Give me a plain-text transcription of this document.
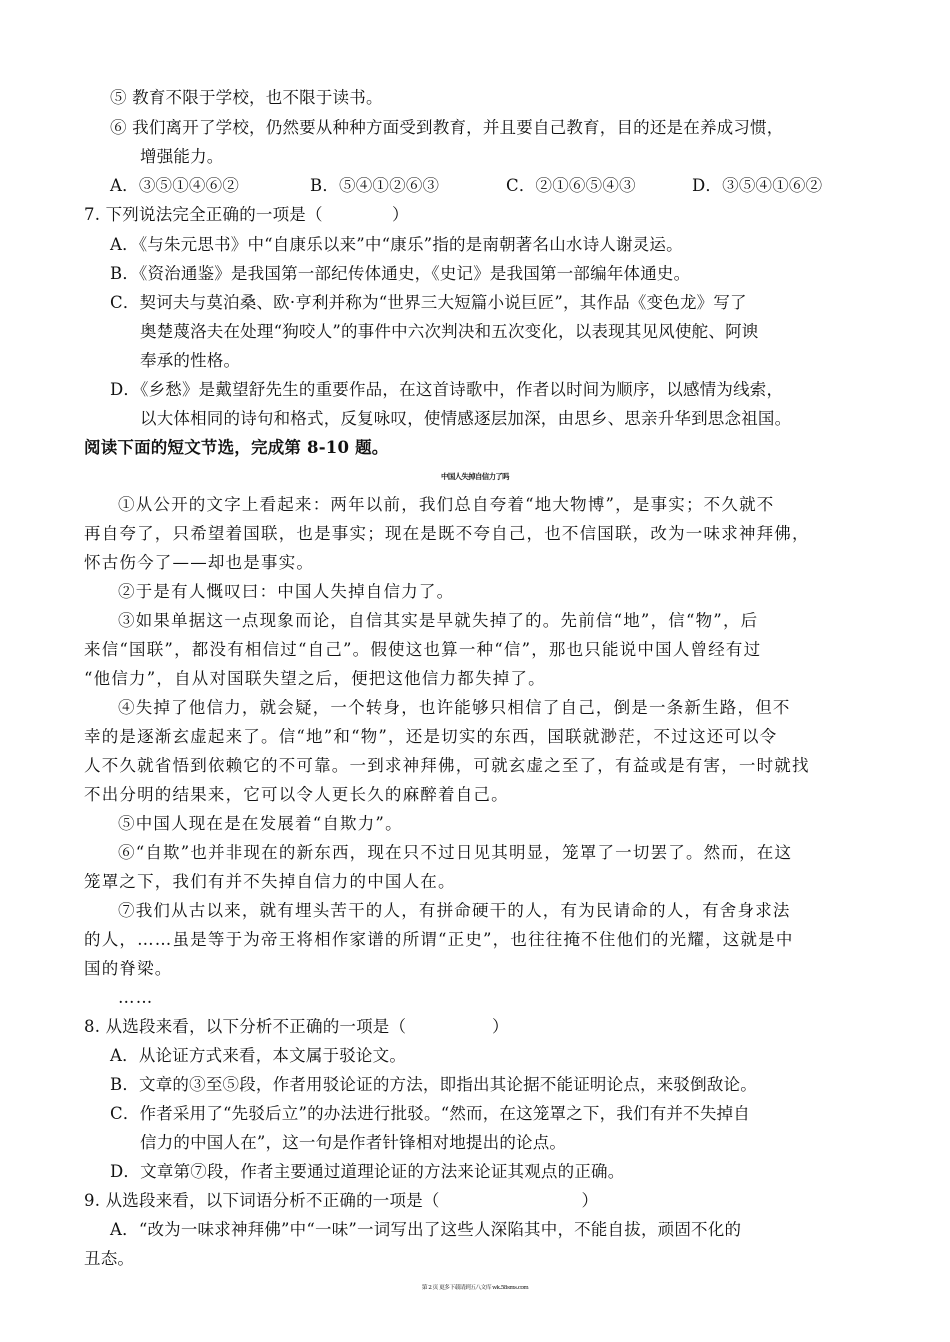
⑤ 教育不限于学校，也不限于读书。
⑥ 我们离开了学校，仍然要从种种方面受到教育，并且要自己教育，目的还是在养成习惯，
增强能力。
A．③⑤①④⑥②	B．⑤④①②⑥③	C．②①⑥⑤④③	D．③⑤④①⑥②
7. 下列说法完全正确的一项是（	）
A．《与朱元思书》中“自康乐以来”中“康乐”指的是南朝著名山水诗人谢灵运。
B．《资治通鉴》是我国第一部纪传体通史，《史记》是我国第一部编年体通史。
C．契诃夫与莫泊桑、欧·亨利并称为“世界三大短篇小说巨匠”，其作品《变色龙》写了
奥楚蔑洛夫在处理“狗咬人”的事件中六次判决和五次变化，以表现其见风使舵、阿谀
奉承的性格。
D．《乡愁》是戴望舒先生的重要作品，在这首诗歌中，作者以时间为顺序，以感情为线索，
以大体相同的诗句和格式，反复咏叹，使情感逐层加深，由思乡、思亲升华到思念祖国。
阅读下面的短文节选，完成第 8-10 题。
中国人失掉自信力了吗
①从公开的文字上看起来：两年以前，我们总自夸着“地大物博”，是事实；不久就不
再自夸了，只希望着国联，也是事实；现在是既不夸自己，也不信国联，改为一味求神拜佛，
怀古伤今了——却也是事实。
②于是有人慨叹曰：中国人失掉自信力了。
③如果单据这一点现象而论，自信其实是早就失掉了的。先前信“地”，信“物”，后
来信“国联”，都没有相信过“自己”。假使这也算一种“信”，那也只能说中国人曾经有过
“他信力”，自从对国联失望之后，便把这他信力都失掉了。
④失掉了他信力，就会疑，一个转身，也许能够只相信了自己，倒是一条新生路，但不
幸的是逐渐玄虚起来了。信“地”和“物”，还是切实的东西，国联就渺茫，不过这还可以令
人不久就省悟到依赖它的不可靠。一到求神拜佛，可就玄虚之至了，有益或是有害，一时就找
不出分明的结果来，它可以令人更长久的麻醉着自己。
⑤中国人现在是在发展着“自欺力”。
⑥“自欺”也并非现在的新东西，现在只不过日见其明显，笼罩了一切罢了。然而，在这
笼罩之下，我们有并不失掉自信力的中国人在。
⑦我们从古以来，就有埋头苦干的人，有拼命硬干的人，有为民请命的人，有舍身求法
的人，……虽是等于为帝王将相作家谱的所谓“正史”，也往往掩不住他们的光耀，这就是中
国的脊梁。
……
8. 从选段来看，以下分析不正确的一项是（	）
A．从论证方式来看，本文属于驳论文。
B．文章的③至⑤段，作者用驳论证的方法，即指出其论据不能证明论点，来驳倒敌论。
C．作者采用了“先驳后立”的办法进行批驳。“然而，在这笼罩之下，我们有并不失掉自
信力的中国人在”，这一句是作者针锋相对地提出的论点。
D．文章第⑦段，作者主要通过道理论证的方法来论证其观点的正确。
9. 从选段来看，以下词语分析不正确的一项是（	）
A．“改为一味求神拜佛”中“一味”一词写出了这些人深陷其中，不能自拔，顽固不化的
丑态。
第 2 页 更多下载请到五八文库 wk.58sms.com
